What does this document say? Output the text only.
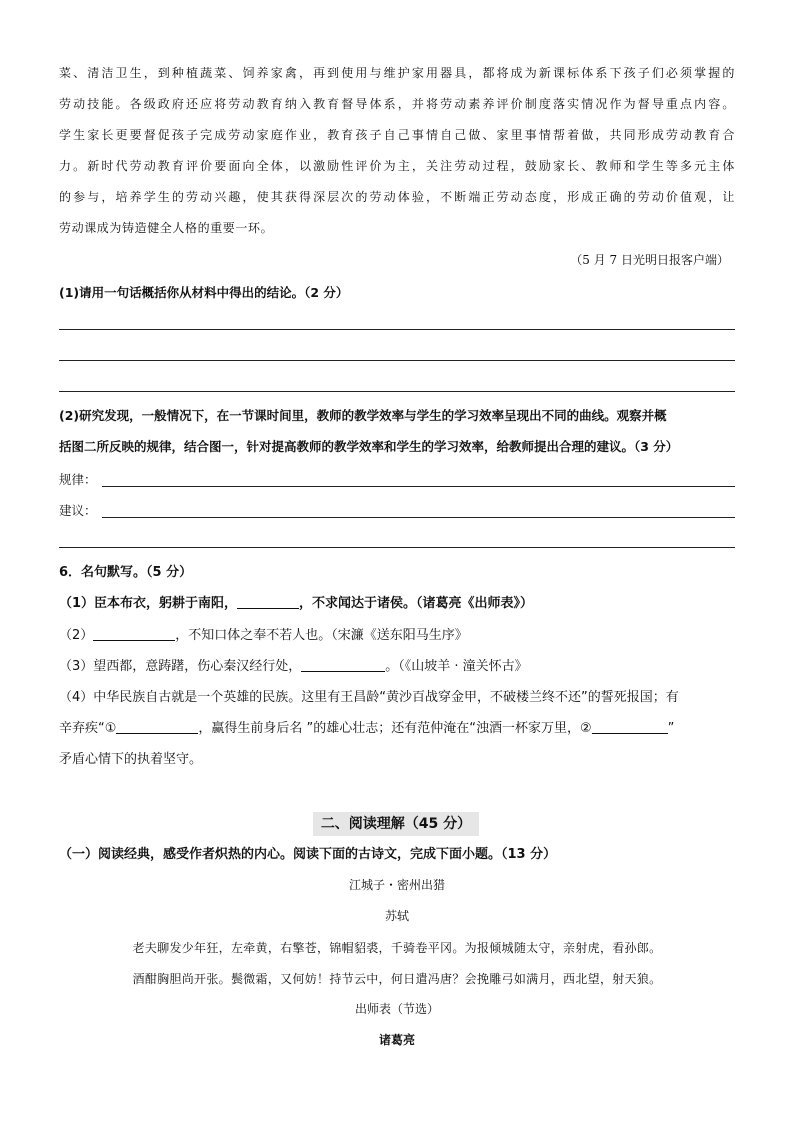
菜、清洁卫生，到种植蔬菜、饲养家禽，再到使用与维护家用器具，都将成为新课标体系下孩子们必须掌握的
劳动技能。各级政府还应将劳动教育纳入教育督导体系，并将劳动素养评价制度落实情况作为督导重点内容。
学生家长更要督促孩子完成劳动家庭作业，教育孩子自己事情自己做、家里事情帮着做，共同形成劳动教育合
力。新时代劳动教育评价要面向全体，以激励性评价为主，关注劳动过程，鼓励家长、教师和学生等多元主体
的参与，培养学生的劳动兴趣，使其获得深层次的劳动体验，不断端正劳动态度，形成正确的劳动价值观，让
劳动课成为铸造健全人格的重要一环。
（5 月 7 日光明日报客户端）
(1)请用一句话概括你从材料中得出的结论。（2 分）
(2)研究发现，一般情况下，在一节课时间里，教师的教学效率与学生的学习效率呈现出不同的曲线。观察并概
括图二所反映的规律，结合图一，针对提高教师的教学效率和学生的学习效率，给教师提出合理的建议。（3 分）
规律：
建议：
6．名句默写。（5 分）
（1）臣本布衣，躬耕于南阳，	，不求闻达于诸侯。（诸葛亮《出师表》）
（2）	，不知口体之奉不若人也。（宋濂《送东阳马生序》
（3）望西都，意踌躇，伤心秦汉经行处，	。（《山坡羊 · 潼关怀古》
（4）中华民族自古就是一个英雄的民族。这里有王昌龄“黄沙百战穿金甲，不破楼兰终不还”的誓死报国；有
辛弃疾“①	，赢得生前身后名 ”的雄心壮志；还有范仲淹在“浊酒一杯家万里，②	”
矛盾心情下的执着坚守。
二、阅读理解（45 分）
（一）阅读经典，感受作者炽热的内心。阅读下面的古诗文，完成下面小题。（13 分）
江城子・密州出猎
苏轼
老夫聊发少年狂，左牵黄，右擎苍，锦帽貂裘，千骑卷平冈。为报倾城随太守，亲射虎，看孙郎。
酒酣胸胆尚开张。鬓微霜，又何妨！持节云中，何日遣冯唐？会挽雕弓如满月，西北望，射天狼。
出师表（节选）
诸葛亮
